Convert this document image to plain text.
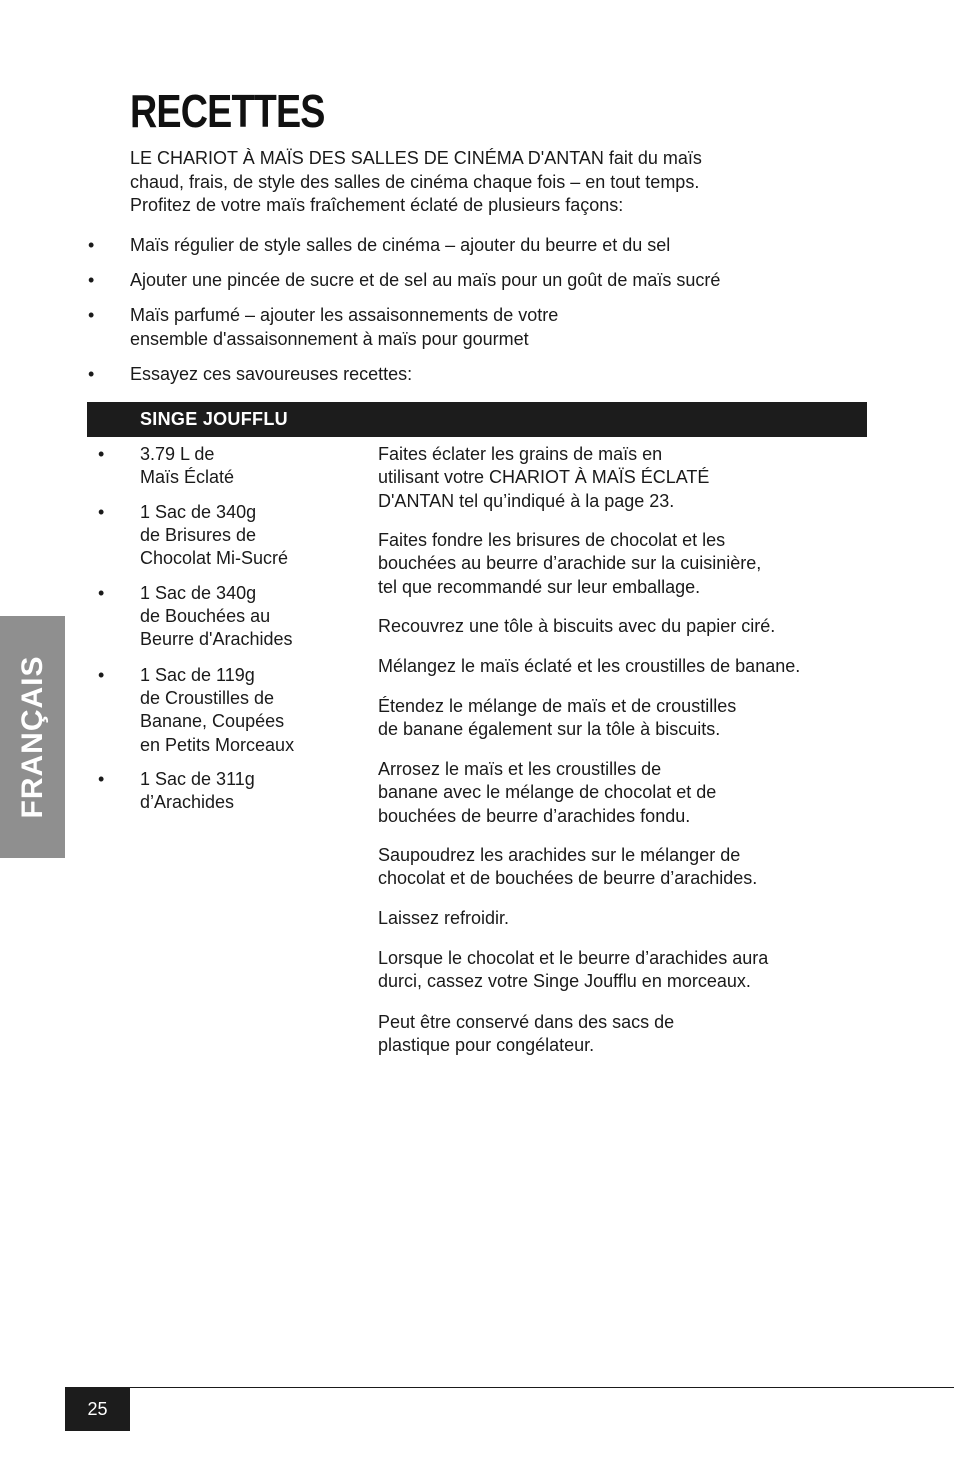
RECETTES

LE CHARIOT À MAÏS DES SALLES DE CINÉMA D'ANTAN fait du maïs
chaud, frais, de style des salles de cinéma chaque fois – en tout temps.
Profitez de votre maïs fraîchement éclaté de plusieurs façons:

•	Maïs régulier de style salles de cinéma – ajouter du beurre et du sel
•	Ajouter une pincée de sucre et de sel au maïs pour un goût de maïs sucré
•	Maïs parfumé – ajouter les assaisonnements de votre
ensemble d'assaisonnement à maïs pour gourmet
•	Essayez ces savoureuses recettes:
SINGE JOUFFLU
• 3.79 L de
Maïs Éclaté
• 1 Sac de 340g
de Brisures de
Chocolat Mi-Sucré
• 1 Sac de 340g
de Bouchées au
Beurre d'Arachides
• 1 Sac de 119g
de Croustilles de
Banane, Coupées
en Petits Morceaux
• 1 Sac de 311g
d’Arachides
Faites éclater les grains de maïs en
utilisant votre CHARIOT À MAÏS ÉCLATÉ
D'ANTAN tel qu’indiqué à la page 23.
Faites fondre les brisures de chocolat et les
bouchées au beurre d’arachide sur la cuisinière,
tel que recommandé sur leur emballage.
Recouvrez une tôle à biscuits avec du papier ciré.
Mélangez le maïs éclaté et les croustilles de banane.
Étendez le mélange de maïs et de croustilles
de banane également sur la tôle à biscuits.
Arrosez le maïs et les croustilles de
banane avec le mélange de chocolat et de
bouchées de beurre d’arachides fondu.
Saupoudrez les arachides sur le mélanger de
chocolat et de bouchées de beurre d’arachides.
Laissez refroidir.
Lorsque le chocolat et le beurre d’arachides aura
durci, cassez votre Singe Joufflu en morceaux.
Peut être conservé dans des sacs de
plastique pour congélateur.
FRANÇAIS
25
